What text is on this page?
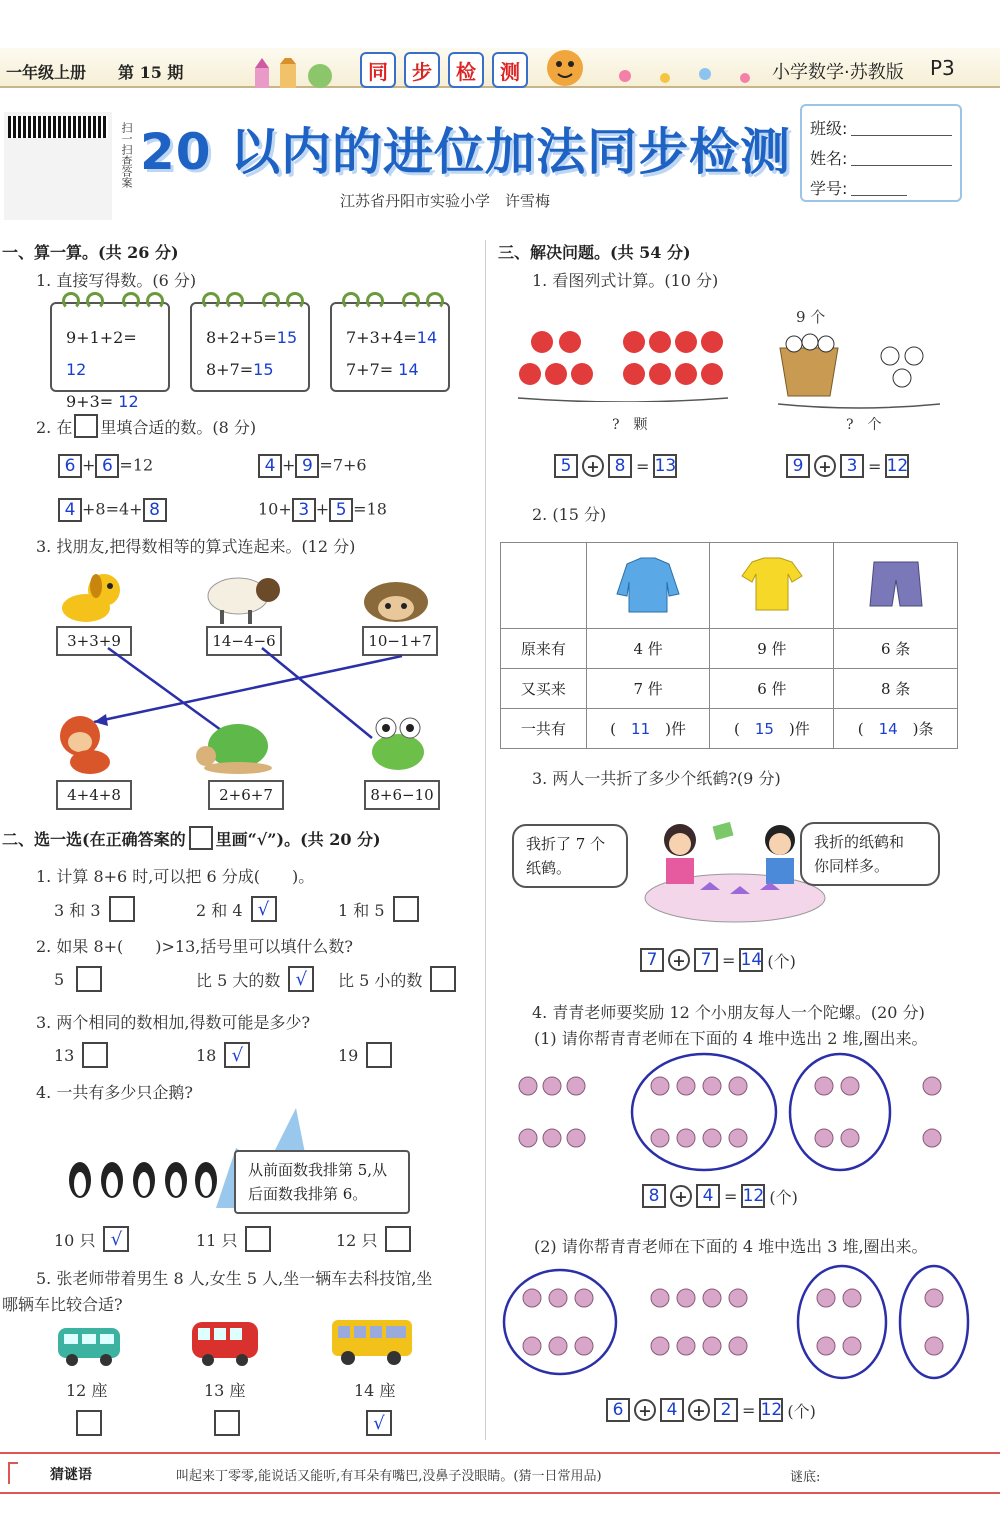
一年级上册 第 15 期	同	步	检	测	小学数学·苏教版 P3
扫一扫查答案 20 以内的进位加法同步检测
江苏省丹阳市实验小学　许雪梅
班级:
姓名:
学号:
一、算一算。(共 26 分)
1. 直接写得数。(6 分)
9+1+2= 12
9+3= 12
8+2+5=15
8+7=15
7+3+4=14
7+7= 14
2. 在 里填合适的数。(8 分)
6 + 6 =12	4 + 9 =7+6
4 +8=4+ 8	10+ 3 + 5 =18
3. 找朋友,把得数相等的算式连起来。(12 分)
3+3+9	14−4−6	10−1+7
4+4+8	2+6+7	8+6−10
二、选一选(在正确答案的 里画“√”)。(共 20 分)
1. 计算 8+6 时,可以把 6 分成(　　)。
3 和 3	2 和 4 √	1 和 5
2. 如果 8+(　　)>13,括号里可以填什么数?
5	比 5 大的数 √	比 5 小的数
3. 两个相同的数相加,得数可能是多少?
13	18 √	19
4. 一共有多少只企鹅?
从前面数我排第 5,从
后面数我排第 6。
10 只 √	11 只	12 只
5. 张老师带着男生 8 人,女生 5 人,坐一辆车去科技馆,坐
哪辆车比较合适?
12 座	13 座	14 座
√
三、解决问题。(共 54 分)
1. 看图列式计算。(10 分)
?　颗
9 个
?　个
5 + 8 = 13	9 + 3 = 12
2. (15 分)

原来有	4 件	9 件	6 条
又买来	7 件	6 件	8 条
一共有	(　 11　 )件	(　 15　 )件	(　 14　 )条
3. 两人一共折了多少个纸鹤?(9 分)
我折了 7 个
纸鹤。
我折的纸鹤和
你同样多。
7 + 7 = 14 (个)
4. 青青老师要奖励 12 个小朋友每人一个陀螺。(20 分)
(1) 请你帮青青老师在下面的 4 堆中选出 2 堆,圈出来。
8 + 4 = 12 (个)
(2) 请你帮青青老师在下面的 4 堆中选出 3 堆,圈出来。
6 + 4 + 2 = 12 (个)
猜谜语	叫起来丁零零,能说话又能听,有耳朵有嘴巴,没鼻子没眼睛。(猜一日常用品)	谜底:
